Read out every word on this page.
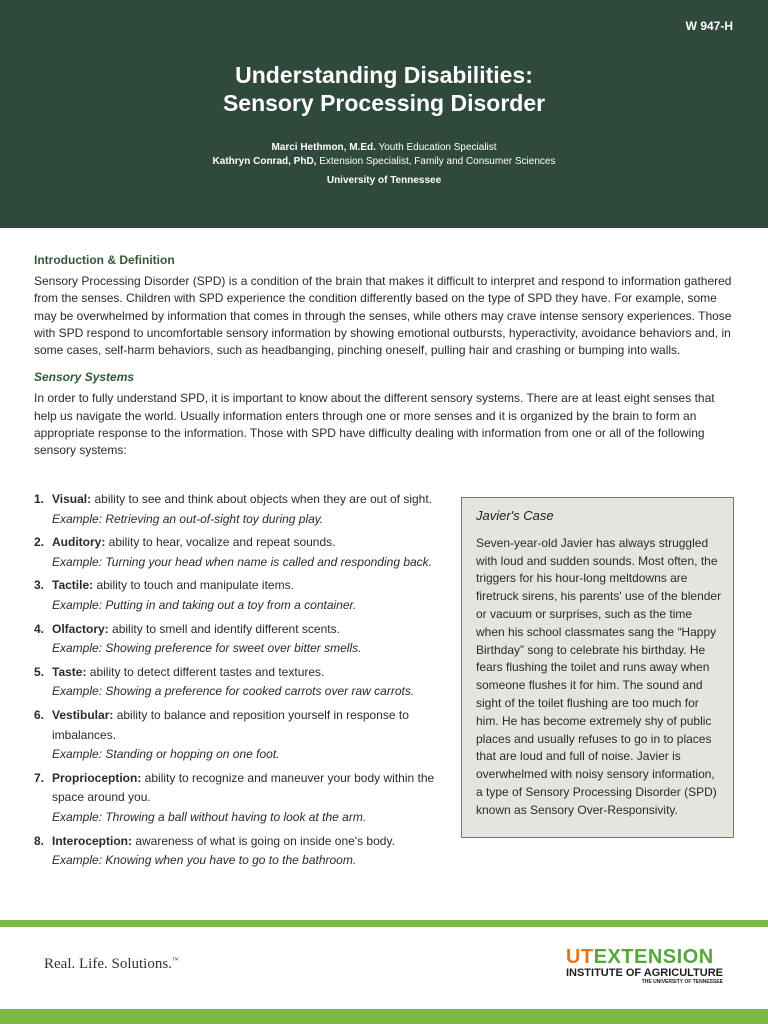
W 947-H
Understanding Disabilities:
Sensory Processing Disorder
Marci Hethmon, M.Ed. Youth Education Specialist
Kathryn Conrad, PhD, Extension Specialist, Family and Consumer Sciences
University of Tennessee
Introduction & Definition

Sensory Processing Disorder (SPD) is a condition of the brain that makes it difficult to interpret and respond to information gathered from the senses. Children with SPD experience the condition differently based on the type of SPD they have. For example, some may be overwhelmed by information that comes in through the senses, while others may crave intense sensory experiences. Those with SPD respond to uncomfortable sensory information by showing emotional outbursts, hyperactivity, avoidance behaviors and, in some cases, self-harm behaviors, such as headbanging, pinching oneself, pulling hair and crashing or bumping into walls.

Sensory Systems

In order to fully understand SPD, it is important to know about the different sensory systems. There are at least eight senses that help us navigate the world. Usually information enters through one or more senses and it is organized by the brain to form an appropriate response to the information. Those with SPD have difficulty dealing with information from one or all of the following sensory systems:

1. Visual: ability to see and think about objects when they are out of sight.
Example: Retrieving an out-of-sight toy during play.
2. Auditory: ability to hear, vocalize and repeat sounds.
Example: Turning your head when name is called and responding back.
3. Tactile: ability to touch and manipulate items.
Example: Putting in and taking out a toy from a container.
4. Olfactory: ability to smell and identify different scents.
Example: Showing preference for sweet over bitter smells.
5. Taste: ability to detect different tastes and textures.
Example: Showing a preference for cooked carrots over raw carrots.
6. Vestibular: ability to balance and reposition yourself in response to imbalances.
Example: Standing or hopping on one foot.
7. Proprioception: ability to recognize and maneuver your body within the space around you.
Example: Throwing a ball without having to look at the arm.
8. Interoception: awareness of what is going on inside one's body.
Example: Knowing when you have to go to the bathroom.
Javier's Case

Seven-year-old Javier has always struggled with loud and sudden sounds. Most often, the triggers for his hour-long meltdowns are firetruck sirens, his parents' use of the blender or vacuum or surprises, such as the time when his school classmates sang the “Happy Birthday” song to celebrate his birthday. He fears flushing the toilet and runs away when someone flushes it for him. The sound and sight of the toilet flushing are too much for him. He has become extremely shy of public places and usually refuses to go in to places that are loud and full of noise. Javier is overwhelmed with noisy sensory information, a type of Sensory Processing Disorder (SPD) known as Sensory Over-Responsivity.

Real. Life. Solutions.™	UTEXTENSION
INSTITUTE OF AGRICULTURE
THE UNIVERSITY OF TENNESSEE
